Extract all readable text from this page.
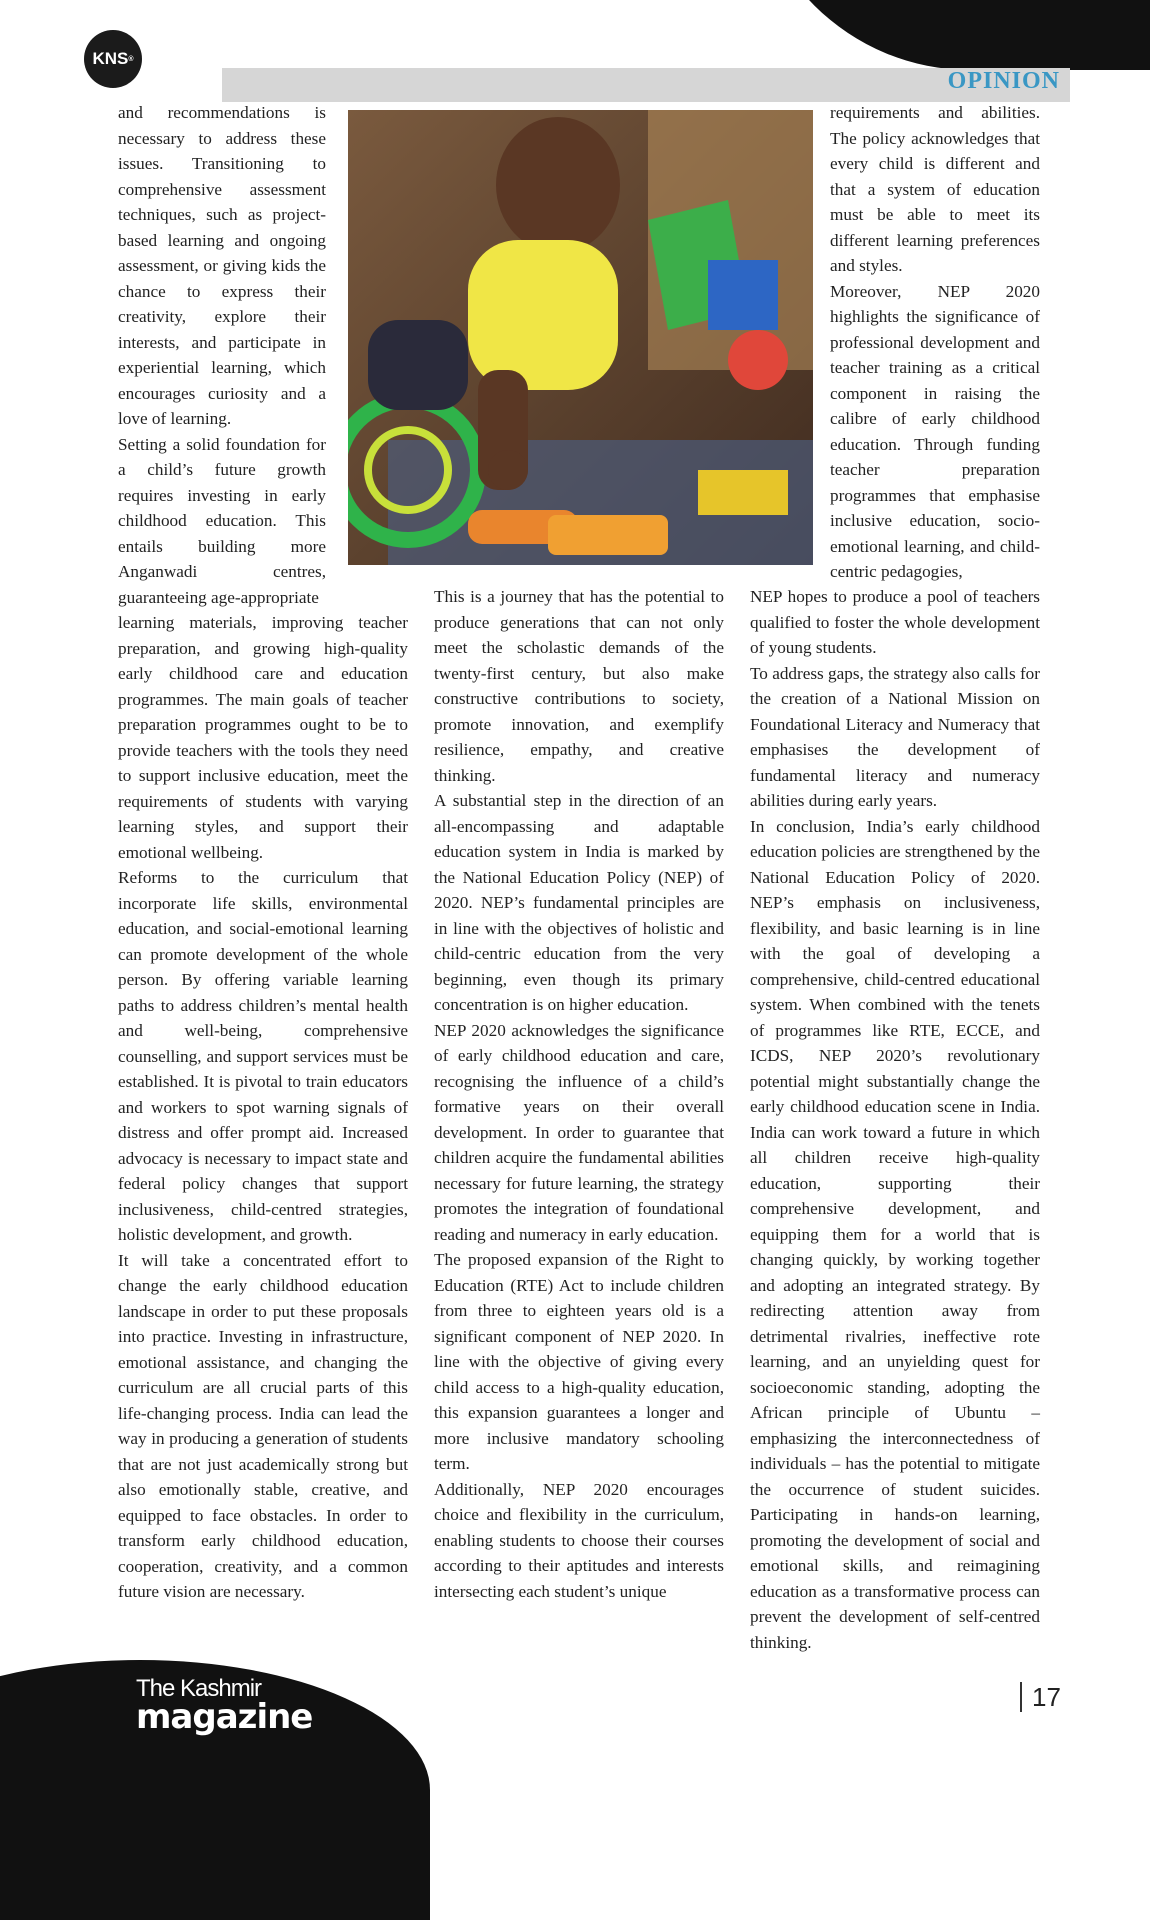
KNS ®
OPINION

and recommendations is necessary to address these issues. Transitioning to comprehensive assessment techniques, such as project-based learning and ongoing assessment, or giving kids the chance to express their creativity, explore their interests, and participate in experiential learning, which encourages curiosity and a love of learning.

Setting a solid foundation for a child’s future growth requires investing in early childhood education. This entails building more Anganwadi centres, guaranteeing age-appropriate

requirements and abilities. The policy acknowledges that every child is different and that a system of education must be able to meet its different learning preferences and styles.

Moreover, NEP 2020 highlights the significance of professional development and teacher training as a critical component in raising the calibre of early childhood education. Through funding teacher preparation programmes that emphasise inclusive education, socio-emotional learning, and child-centric pedagogies,

learning materials, improving teacher preparation, and growing high-quality early childhood care and education programmes. The main goals of teacher preparation programmes ought to be to provide teachers with the tools they need to support inclusive education, meet the requirements of students with varying learning styles, and support their emotional wellbeing.

Reforms to the curriculum that incorporate life skills, environmental education, and social-emotional learning can promote development of the whole person. By offering variable learning paths to address children’s mental health and well-being, comprehensive counselling, and support services must be established. It is pivotal to train educators and workers to spot warning signals of distress and offer prompt aid. Increased advocacy is necessary to impact state and federal policy changes that support inclusiveness, child-centred strategies, holistic development, and growth.

It will take a concentrated effort to change the early childhood education landscape in order to put these proposals into practice. Investing in infrastructure, emotional assistance, and changing the curriculum are all crucial parts of this life-changing process. India can lead the way in producing a generation of students that are not just academically strong but also emotionally stable, creative, and equipped to face obstacles. In order to transform early childhood education, cooperation, creativity, and a common future vision are necessary.

This is a journey that has the potential to produce generations that can not only meet the scholastic demands of the twenty-first century, but also make constructive contributions to society, promote innovation, and exemplify resilience, empathy, and creative thinking.

A substantial step in the direction of an all-encompassing and adaptable education system in India is marked by the National Education Policy (NEP) of 2020. NEP’s fundamental principles are in line with the objectives of holistic and child-centric education from the very beginning, even though its primary concentration is on higher education.

NEP 2020 acknowledges the significance of early childhood education and care, recognising the influence of a child’s formative years on their overall development. In order to guarantee that children acquire the fundamental abilities necessary for future learning, the strategy promotes the integration of foundational reading and numeracy in early education.

The proposed expansion of the Right to Education (RTE) Act to include children from three to eighteen years old is a significant component of NEP 2020. In line with the objective of giving every child access to a high-quality education, this expansion guarantees a longer and more inclusive mandatory schooling term.

Additionally, NEP 2020 encourages choice and flexibility in the curriculum, enabling students to choose their courses according to their aptitudes and interests intersecting each student’s unique

NEP hopes to produce a pool of teachers qualified to foster the whole development of young students.

To address gaps, the strategy also calls for the creation of a National Mission on Foundational Literacy and Numeracy that emphasises the development of fundamental literacy and numeracy abilities during early years.

In conclusion, India’s early childhood education policies are strengthened by the National Education Policy of 2020. NEP’s emphasis on inclusiveness, flexibility, and basic learning is in line with the goal of developing a comprehensive, child-centred educational system. When combined with the tenets of programmes like RTE, ECCE, and ICDS, NEP 2020’s revolutionary potential might substantially change the early childhood education scene in India. India can work toward a future in which all children receive high-quality education, supporting their comprehensive development, and equipping them for a world that is changing quickly, by working together and adopting an integrated strategy. By redirecting attention away from detrimental rivalries, ineffective rote learning, and an unyielding quest for socioeconomic standing, adopting the African principle of Ubuntu – emphasizing the interconnectedness of individuals – has the potential to mitigate the occurrence of student suicides. Participating in hands-on learning, promoting the development of social and emotional skills, and reimagining education as a transformative process can prevent the development of self-centred thinking.

The Kashmir
magazine	17
